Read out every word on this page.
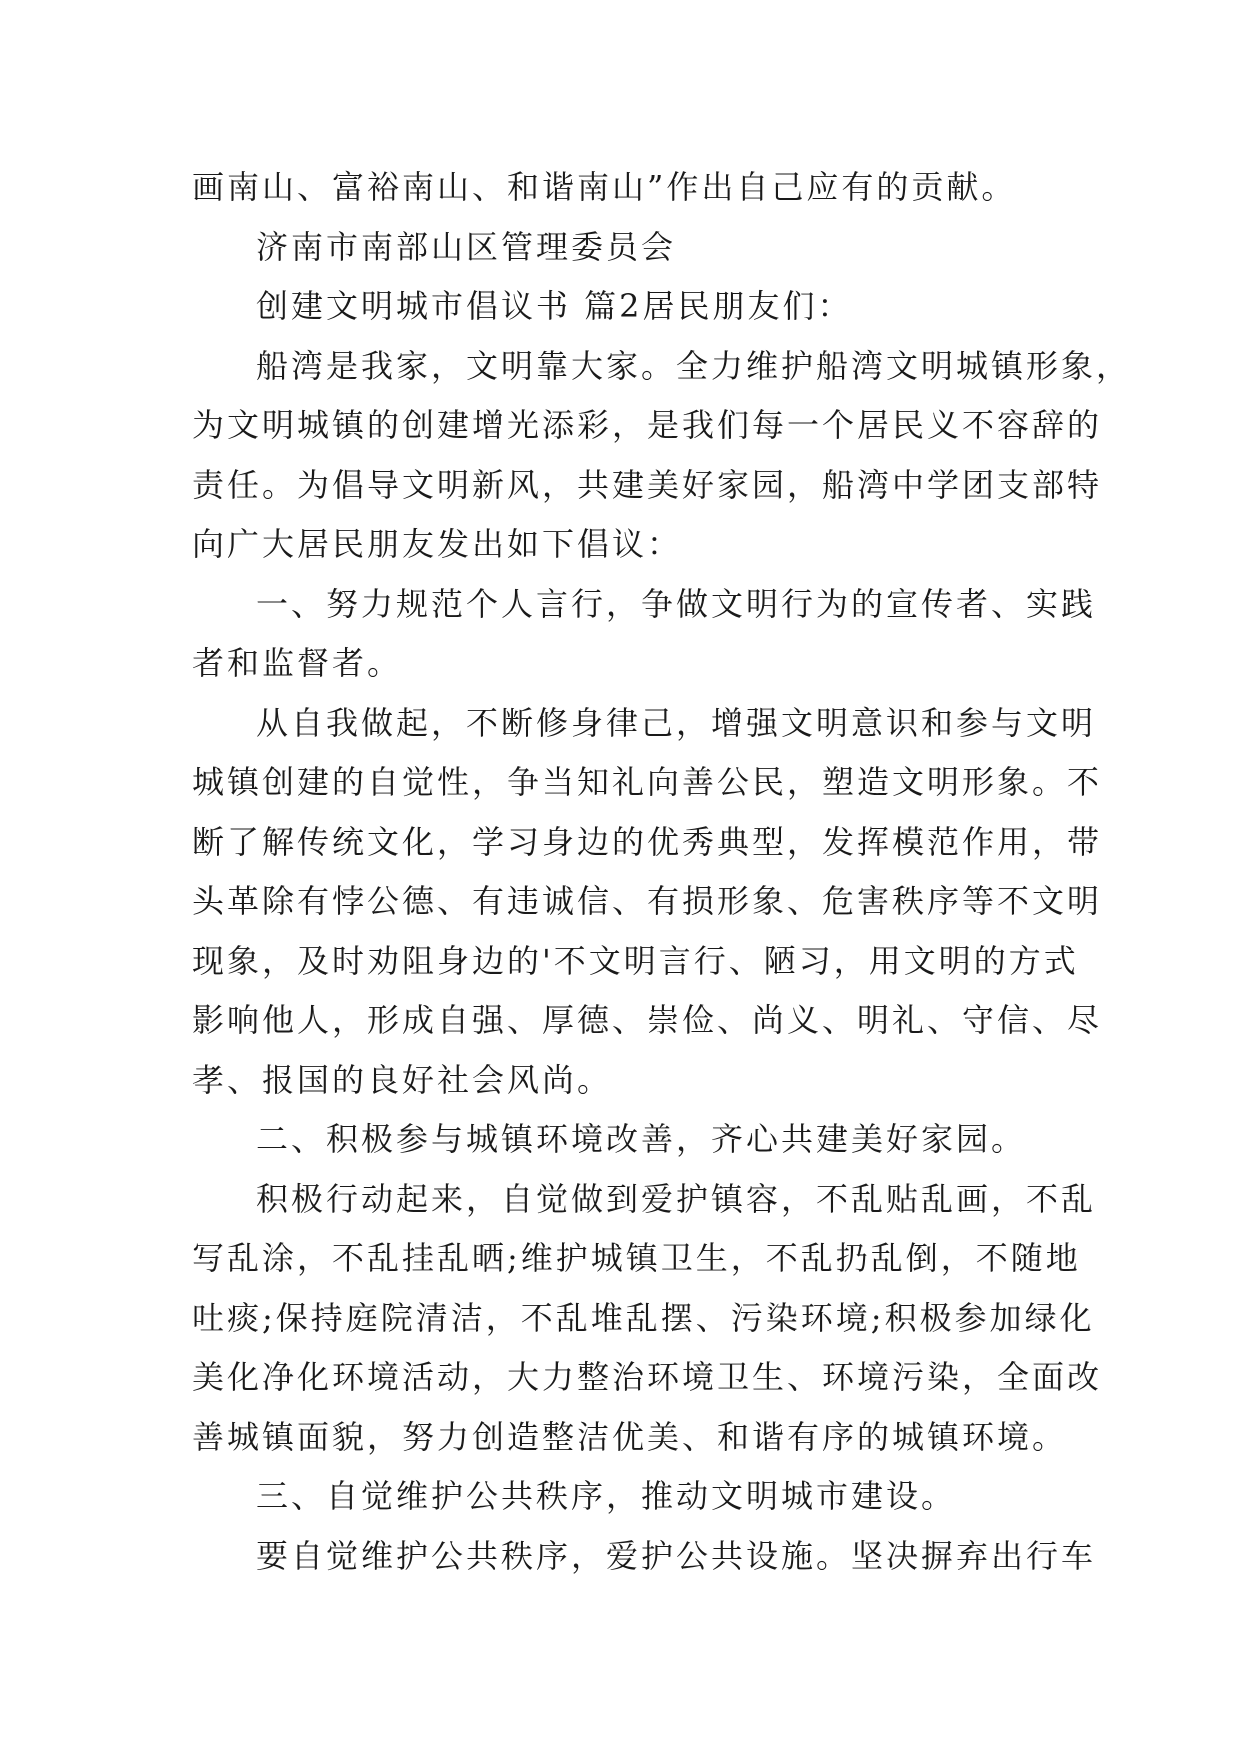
画南山、富裕南山、和谐南山”作出自己应有的贡献。
济南市南部山区管理委员会
创建文明城市倡议书 篇2居民朋友们：
船湾是我家，文明靠大家。全力维护船湾文明城镇形象，
为文明城镇的创建增光添彩，是我们每一个居民义不容辞的
责任。为倡导文明新风，共建美好家园，船湾中学团支部特
向广大居民朋友发出如下倡议：
一、努力规范个人言行，争做文明行为的宣传者、实践
者和监督者。
从自我做起，不断修身律己，增强文明意识和参与文明
城镇创建的自觉性，争当知礼向善公民，塑造文明形象。不
断了解传统文化，学习身边的优秀典型，发挥模范作用，带
头革除有悖公德、有违诚信、有损形象、危害秩序等不文明
现象，及时劝阻身边的'不文明言行、陋习，用文明的方式
影响他人，形成自强、厚德、崇俭、尚义、明礼、守信、尽
孝、报国的良好社会风尚。
二、积极参与城镇环境改善，齐心共建美好家园。
积极行动起来，自觉做到爱护镇容，不乱贴乱画，不乱
写乱涂，不乱挂乱晒;维护城镇卫生，不乱扔乱倒，不随地
吐痰;保持庭院清洁，不乱堆乱摆、污染环境;积极参加绿化
美化净化环境活动，大力整治环境卫生、环境污染，全面改
善城镇面貌，努力创造整洁优美、和谐有序的城镇环境。
三、自觉维护公共秩序，推动文明城市建设。
要自觉维护公共秩序，爱护公共设施。坚决摒弃出行车
